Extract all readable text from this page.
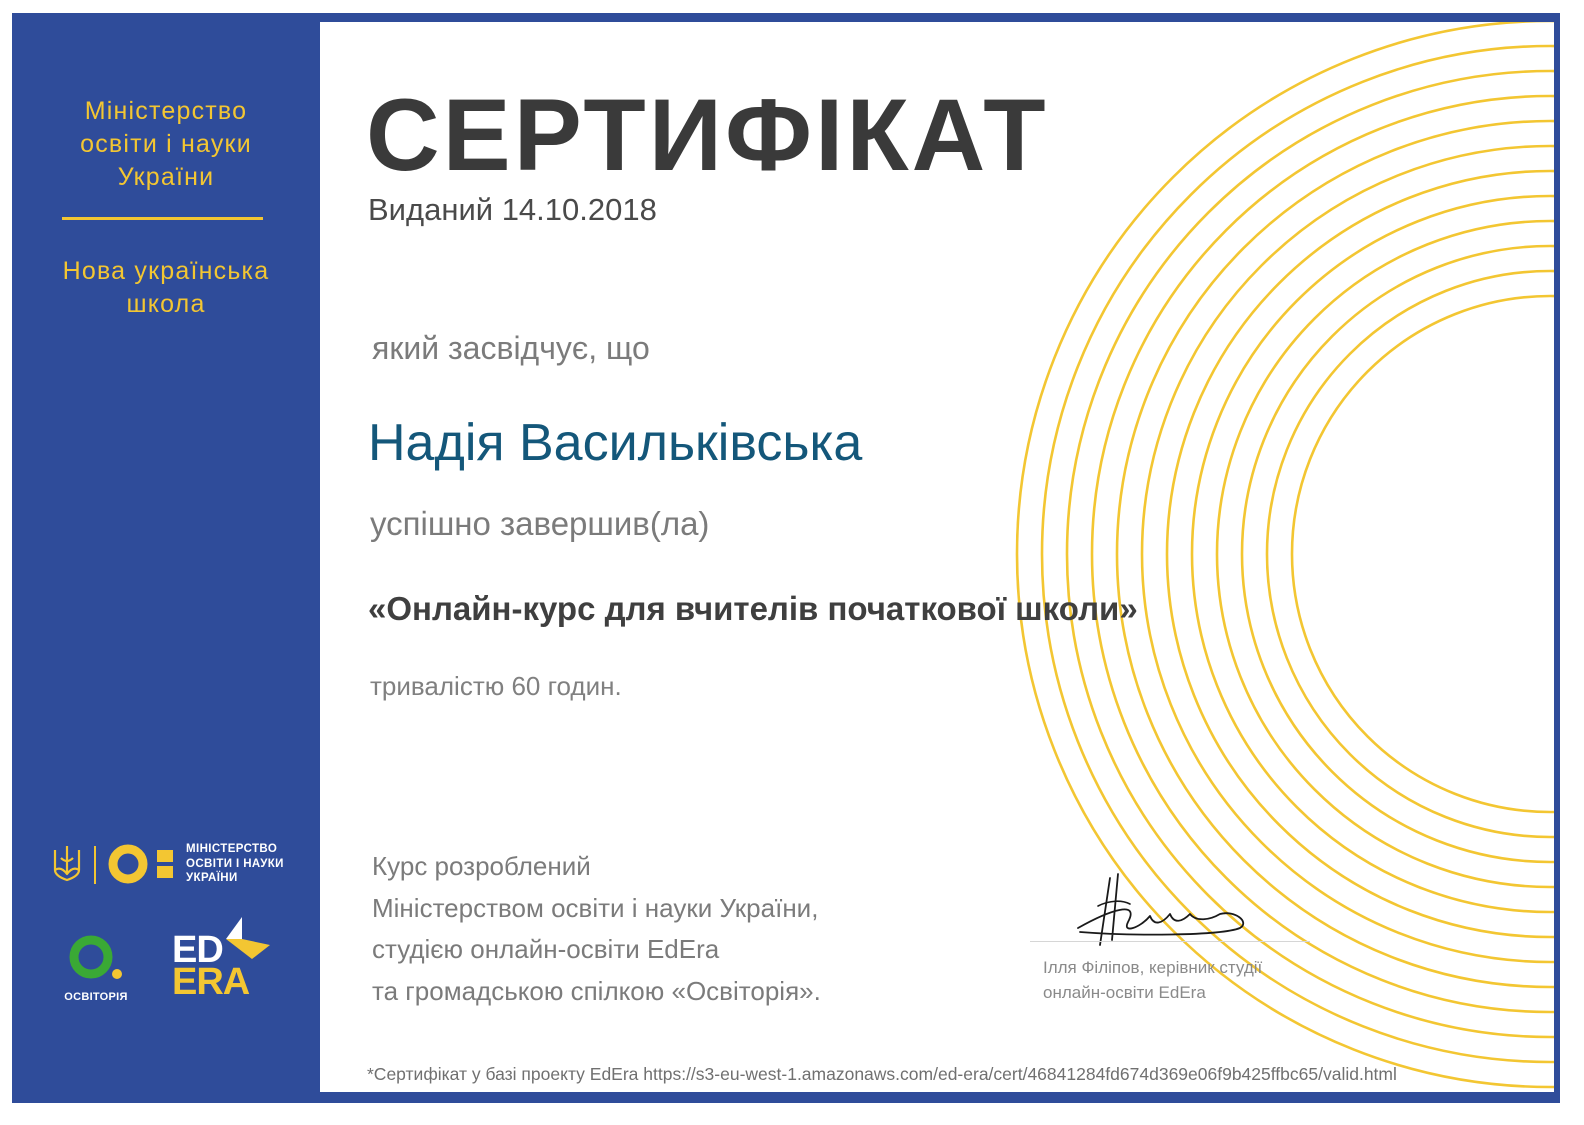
Міністерство
освіти і науки
України
Нова українська
школа
МІНІСТЕРСТВО
ОСВІТИ І НАУКИ
УКРАЇНИ
ОСВІТОРІЯ
ED
ERA
СЕРТИФІКАТ
Виданий 14.10.2018
який засвідчує, що
Надія Васильківська
успішно завершив(ла)
«Онлайн-курс для вчителів початкової школи»
тривалістю 60 годин.
Курс розроблений
Міністерством освіти і науки України,
студією онлайн-освіти EdEra
та громадською спілкою «Освіторія».
Ілля Філіпов, керівник студії
онлайн-освіти EdEra
*Сертифікат у базі проекту EdEra https://s3-eu-west-1.amazonaws.com/ed-era/cert/46841284fd674d369e06f9b425ffbc65/valid.html
